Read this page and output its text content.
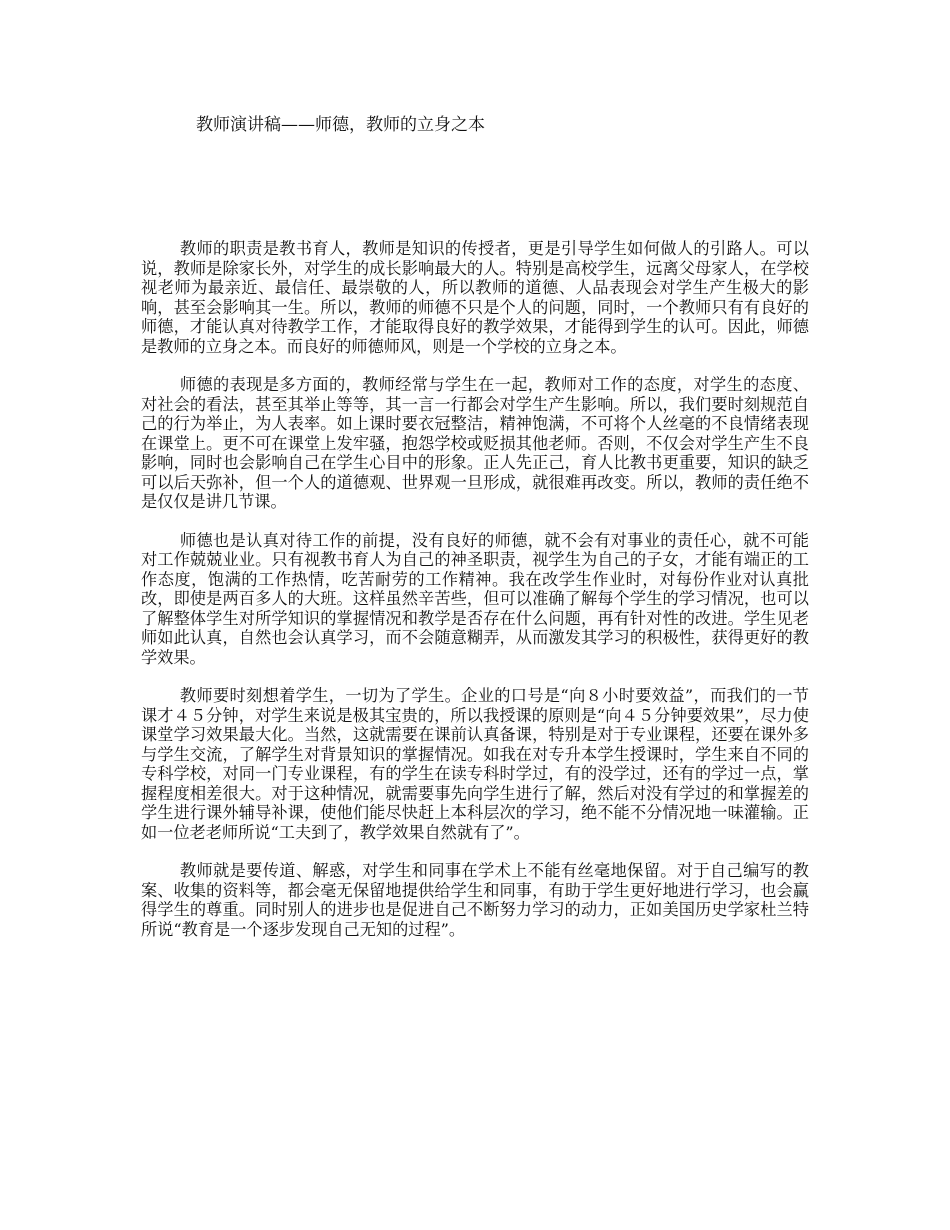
教师演讲稿——师德，教师的立身之本

教师的职责是教书育人，教师是知识的传授者，更是引导学生如何做人的引路人。可以说，教师是除家长外，对学生的成长影响最大的人。特别是高校学生，远离父母家人，在学校视老师为最亲近、最信任、最崇敬的人，所以教师的道德、人品表现会对学生产生极大的影响，甚至会影响其一生。所以，教师的师德不只是个人的问题，同时，一个教师只有有良好的师德，才能认真对待教学工作，才能取得良好的教学效果，才能得到学生的认可。因此，师德是教师的立身之本。而良好的师德师风，则是一个学校的立身之本。

师德的表现是多方面的，教师经常与学生在一起，教师对工作的态度，对学生的态度、对社会的看法，甚至其举止等等，其一言一行都会对学生产生影响。所以，我们要时刻规范自己的行为举止，为人表率。如上课时要衣冠整洁，精神饱满，不可将个人丝毫的不良情绪表现在课堂上。更不可在课堂上发牢骚，抱怨学校或贬损其他老师。否则，不仅会对学生产生不良影响，同时也会影响自己在学生心目中的形象。正人先正己，育人比教书更重要，知识的缺乏可以后天弥补，但一个人的道德观、世界观一旦形成，就很难再改变。所以，教师的责任绝不是仅仅是讲几节课。

师德也是认真对待工作的前提，没有良好的师德，就不会有对事业的责任心，就不可能对工作兢兢业业。只有视教书育人为自己的神圣职责，视学生为自己的子女，才能有端正的工作态度，饱满的工作热情，吃苦耐劳的工作精神。我在改学生作业时，对每份作业对认真批改，即使是两百多人的大班。这样虽然辛苦些，但可以准确了解每个学生的学习情况，也可以了解整体学生对所学知识的掌握情况和教学是否存在什么问题，再有针对性的改进。学生见老师如此认真，自然也会认真学习，而不会随意糊弄，从而激发其学习的积极性，获得更好的教学效果。

教师要时刻想着学生，一切为了学生。企业的口号是“向８小时要效益”，而我们的一节课才４５分钟，对学生来说是极其宝贵的，所以我授课的原则是“向４５分钟要效果”，尽力使课堂学习效果最大化。当然，这就需要在课前认真备课，特别是对于专业课程，还要在课外多与学生交流，了解学生对背景知识的掌握情况。如我在对专升本学生授课时，学生来自不同的专科学校，对同一门专业课程，有的学生在读专科时学过，有的没学过，还有的学过一点，掌握程度相差很大。对于这种情况，就需要事先向学生进行了解，然后对没有学过的和掌握差的学生进行课外辅导补课，使他们能尽快赶上本科层次的学习，绝不能不分情况地一味灌输。正如一位老老师所说“工夫到了，教学效果自然就有了”。

教师就是要传道、解惑，对学生和同事在学术上不能有丝毫地保留。对于自己编写的教案、收集的资料等，都会毫无保留地提供给学生和同事，有助于学生更好地进行学习，也会赢得学生的尊重。同时别人的进步也是促进自己不断努力学习的动力，正如美国历史学家杜兰特所说“教育是一个逐步发现自己无知的过程”。
